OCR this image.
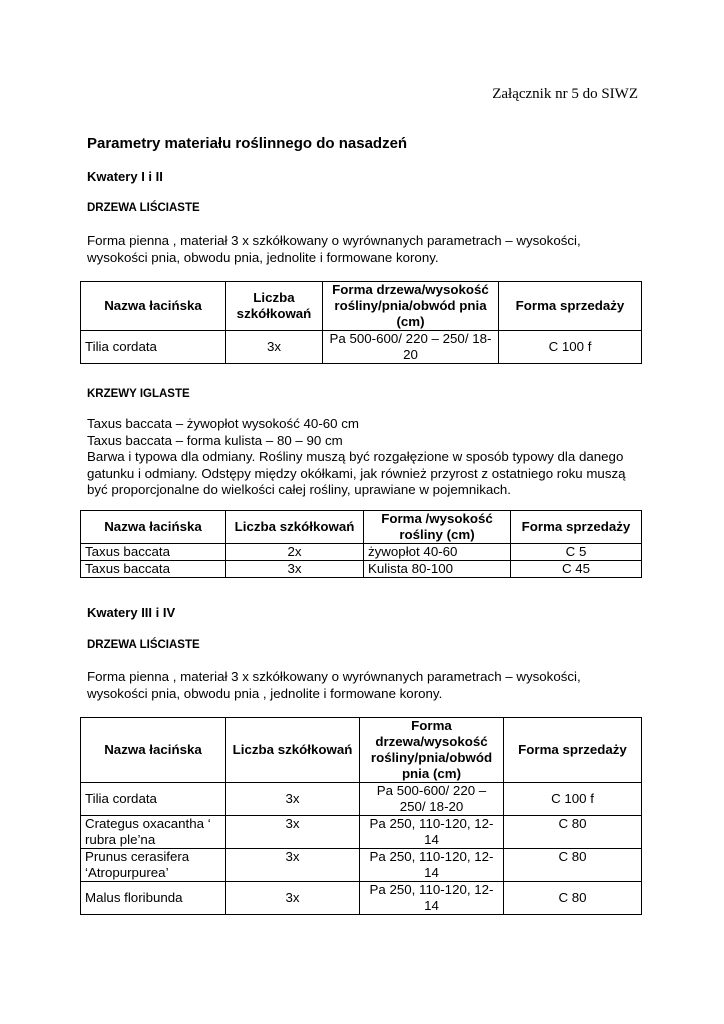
Załącznik nr 5 do SIWZ
Parametry materiału roślinnego do nasadzeń
Kwatery I i II
DRZEWA LIŚCIASTE
Forma pienna , materiał 3 x szkółkowany o wyrównanych parametrach – wysokości,
wysokości pnia, obwodu pnia, jednolite i formowane korony.
Nazwa łacińska	Liczba szkółkowań	Forma drzewa/wysokość rośliny/pnia/obwód pnia (cm)	Forma sprzedaży
Tilia cordata	3x	Pa 500-600/ 220 – 250/ 18-20	C 100 f
KRZEWY IGLASTE
Taxus baccata – żywopłot wysokość 40-60 cm
Taxus baccata – forma kulista – 80 – 90 cm
Barwa i typowa dla odmiany. Rośliny muszą być rozgałęzione w sposób typowy dla danego
gatunku i odmiany. Odstępy między okółkami, jak również przyrost z ostatniego roku muszą
być proporcjonalne do wielkości całej rośliny, uprawiane w pojemnikach.
Nazwa łacińska	Liczba szkółkowań	Forma /wysokość rośliny (cm)	Forma sprzedaży
Taxus baccata	2x	żywopłot 40-60	C 5
Taxus baccata	3x	Kulista 80-100	C 45
Kwatery III i IV
DRZEWA LIŚCIASTE
Forma pienna , materiał 3 x szkółkowany o wyrównanych parametrach – wysokości,
wysokości pnia, obwodu pnia , jednolite i formowane korony.
Nazwa łacińska	Liczba szkółkowań	Forma drzewa/wysokość rośliny/pnia/obwód pnia (cm)	Forma sprzedaży
Tilia cordata	3x	Pa 500-600/ 220 – 250/ 18-20	C 100 f
Crategus oxacantha ‘ rubra ple’na	3x	Pa 250, 110-120, 12-14	C 80
Prunus cerasifera ‘Atropurpurea’	3x	Pa 250, 110-120, 12-14	C 80
Malus floribunda	3x	Pa 250, 110-120, 12-14	C 80
